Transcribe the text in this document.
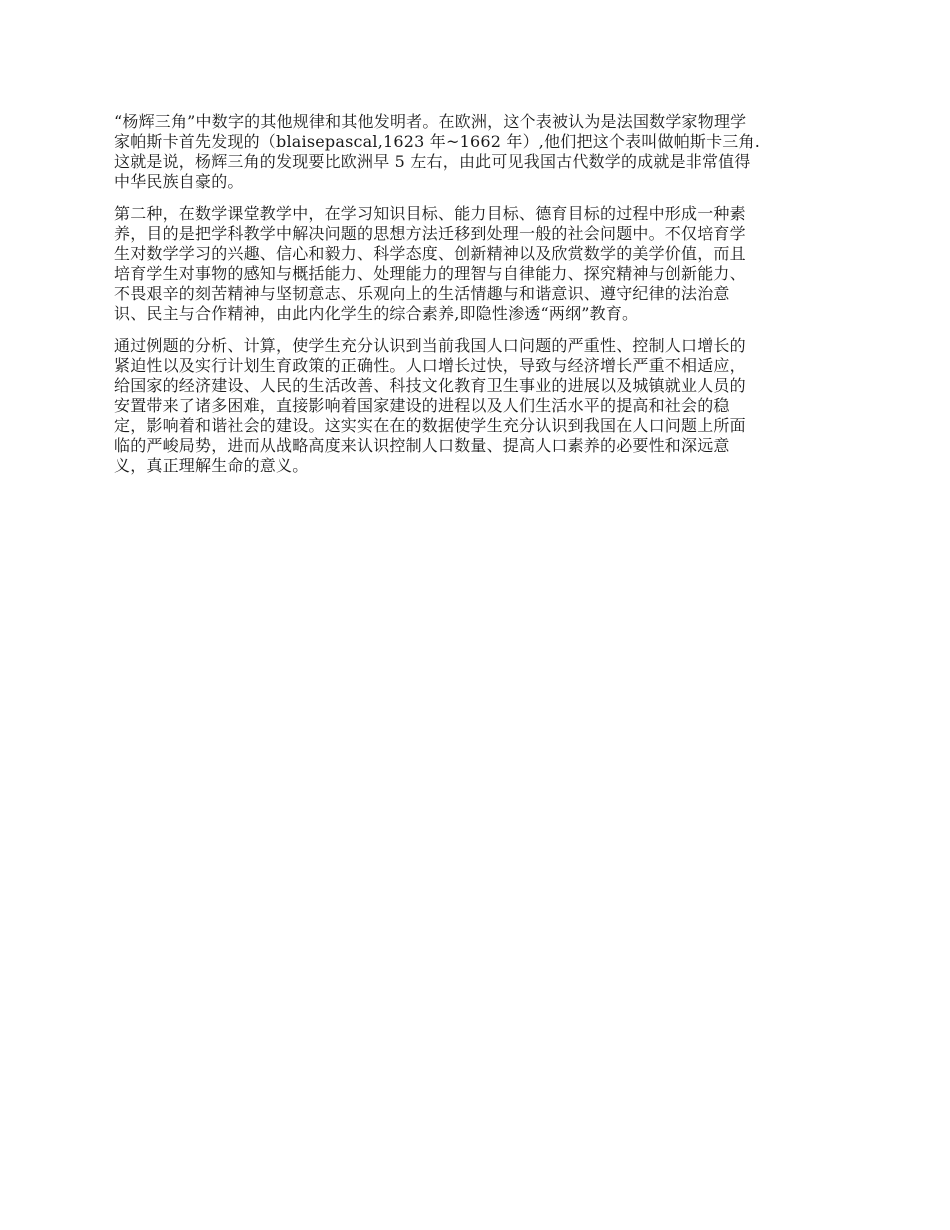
“杨辉三角”中数字的其他规律和其他发明者。在欧洲，这个表被认为是法国数学家物理学
家帕斯卡首先发现的（blaisepascal,1623 年~1662 年）,他们把这个表叫做帕斯卡三角.
这就是说，杨辉三角的发现要比欧洲早 5 左右，由此可见我国古代数学的成就是非常值得
中华民族自豪的。

第二种，在数学课堂教学中，在学习知识目标、能力目标、德育目标的过程中形成一种素
养，目的是把学科教学中解决问题的思想方法迁移到处理一般的社会问题中。不仅培育学
生对数学学习的兴趣、信心和毅力、科学态度、创新精神以及欣赏数学的美学价值，而且
培育学生对事物的感知与概括能力、处理能力的理智与自律能力、探究精神与创新能力、
不畏艰辛的刻苦精神与坚韧意志、乐观向上的生活情趣与和谐意识、遵守纪律的法治意
识、民主与合作精神，由此内化学生的综合素养,即隐性渗透“两纲”教育。

通过例题的分析、计算，使学生充分认识到当前我国人口问题的严重性、控制人口增长的
紧迫性以及实行计划生育政策的正确性。人口增长过快，导致与经济增长严重不相适应，
给国家的经济建设、人民的生活改善、科技文化教育卫生事业的进展以及城镇就业人员的
安置带来了诸多困难，直接影响着国家建设的进程以及人们生活水平的提高和社会的稳
定，影响着和谐社会的建设。这实实在在的数据使学生充分认识到我国在人口问题上所面
临的严峻局势，进而从战略高度来认识控制人口数量、提高人口素养的必要性和深远意
义，真正理解生命的意义。
